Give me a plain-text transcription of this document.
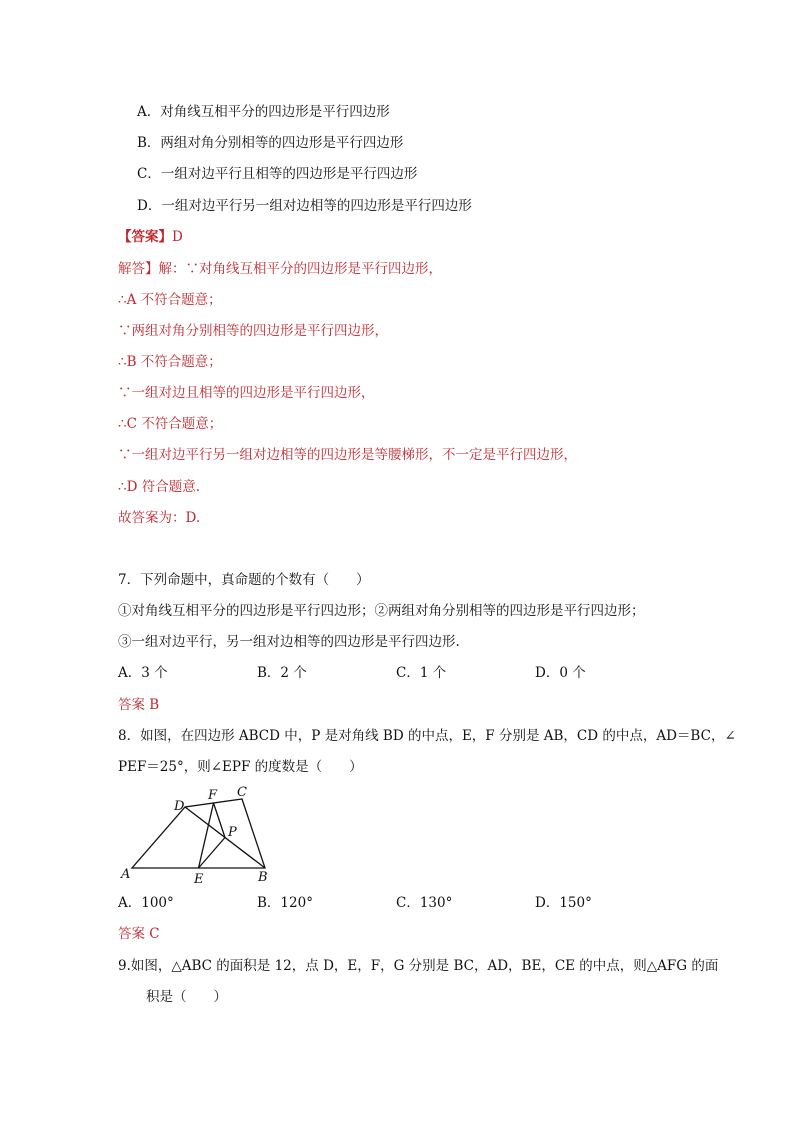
A．对角线互相平分的四边形是平行四边形
B．两组对角分别相等的四边形是平行四边形
C．一组对边平行且相等的四边形是平行四边形
D．一组对边平行另一组对边相等的四边形是平行四边形
【答案】D
解答】解：∵对角线互相平分的四边形是平行四边形，
∴A 不符合题意；
∵两组对角分别相等的四边形是平行四边形，
∴B 不符合题意；
∵一组对边且相等的四边形是平行四边形，
∴C 不符合题意；
∵一组对边平行另一组对边相等的四边形是等腰梯形，不一定是平行四边形，
∴D 符合题意.
故答案为：D.
7．下列命题中，真命题的个数有（　　）
①对角线互相平分的四边形是平行四边形；②两组对角分别相等的四边形是平行四边形；
③一组对边平行，另一组对边相等的四边形是平行四边形.
A．3 个	B．2 个	C．1 个	D．0 个
答案 B
8．如图，在四边形 ABCD 中，P 是对角线 BD 的中点，E，F 分别是 AB，CD 的中点，AD＝BC，∠
PEF＝25°，则∠EPF 的度数是（　　）
A	B
C
D
E
F
P
A．100°	B．120°	C．130°	D．150°
答案 C
9.如图，△ABC 的面积是 12，点 D，E，F，G 分别是 BC，AD，BE，CE 的中点，则△AFG 的面
积是（　　）
